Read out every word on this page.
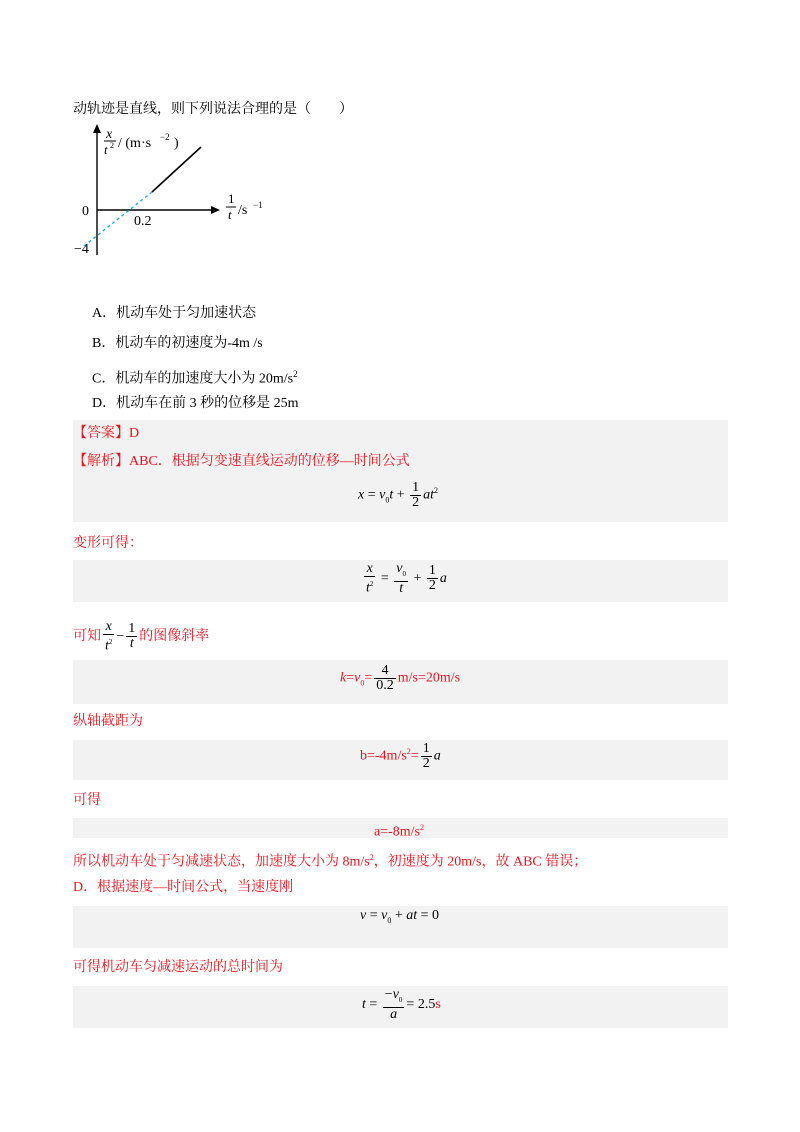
动轨迹是直线，则下列说法合理的是（　　）
x
t 2 / (m·s −2 )
0
0.2
−4
1
t /s −1
A．机动车处于匀加速状态
B．机动车的初速度为-4m /s
C．机动车的加速度大小为 $20m/s^2$
D．机动车在前 3 秒的位移是 25m
【答案】D
【解析】ABC．根据匀变速直线运动的位移—时间公式
$x = v_0t + \frac{1}{2} at^2$
变形可得：
$\frac{x}{t^2} = \frac{v_0}{t} + \frac{1}{2}$ a
可知 $\frac{x}{t^2} - \frac{1}{t}$ 的图像斜率
$k=v_0= \frac{4}{0.2} m/s=20m/s$
纵轴截距为
$b=-4m/s^2= \frac{1}{2}$ a
可得
$a=-8m/s^2$
所以机动车处于匀减速状态，加速度大小为 $8m/s^2$，初速度为 20m/s，故 ABC 错误；
D．根据速度—时间公式，当速度刚
$v = v_0$ + at = 0
可得机动车匀减速运动的总时间为
$t = \frac{-v_0}{a} = 2.5s$
